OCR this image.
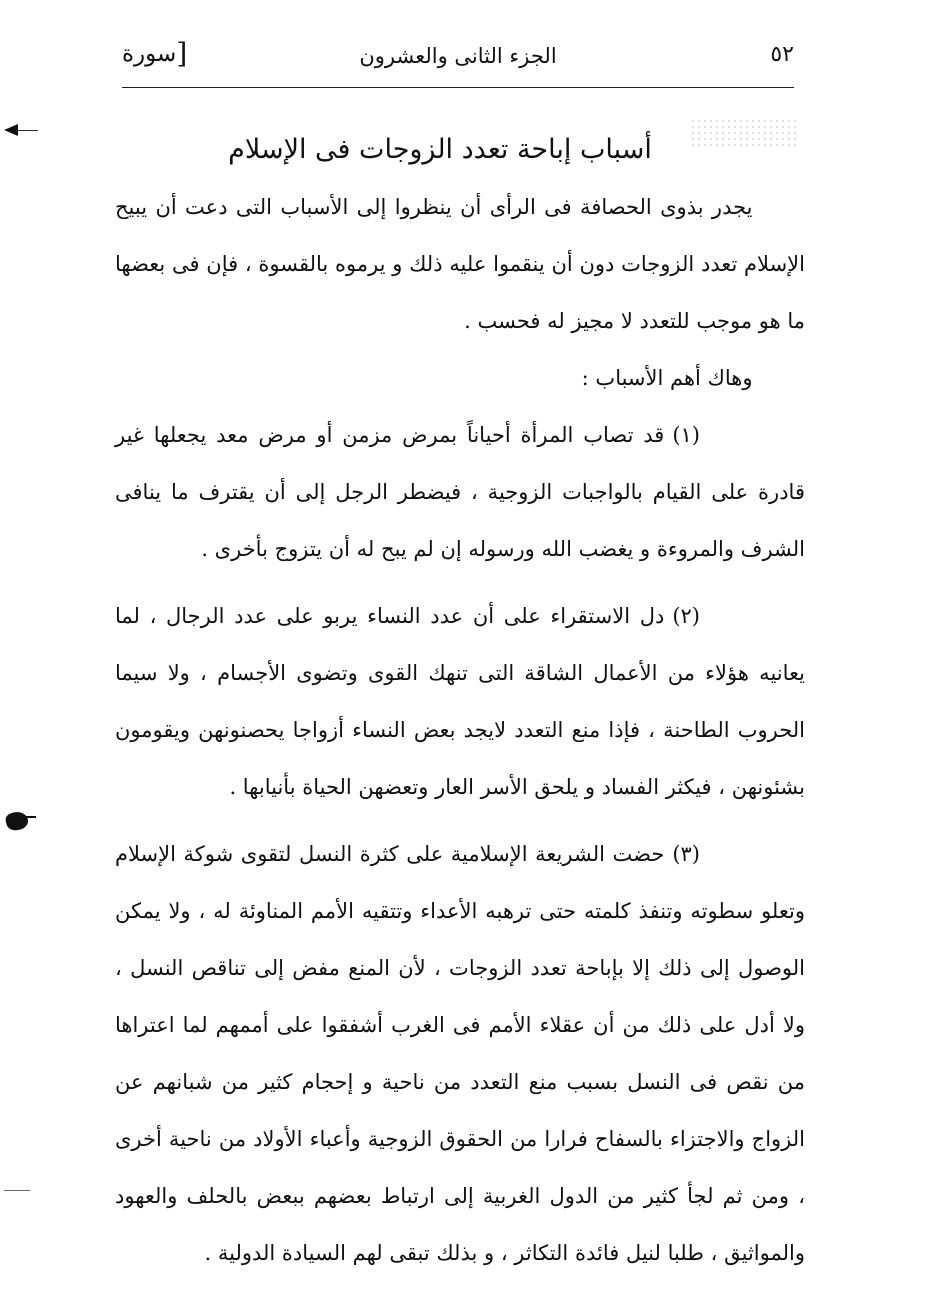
٥٢
الجزء الثانى والعشرون
[سورة
أسباب إباحة تعدد الزوجات فى الإسلام

يجدر بذوى الحصافة فى الرأى أن ينظروا إلى الأسباب التى دعت أن يبيح الإسلام تعدد الزوجات دون أن ينقموا عليه ذلك و يرموه بالقسوة ، فإن فى بعضها ما هو موجب للتعدد لا مجيز له فحسب .

وهاك أهم الأسباب :

(١)قد تصاب المرأة أحياناً بمرض مزمن أو مرض معد يجعلها غير قادرة على القيام بالواجبات الزوجية ، فيضطر الرجل إلى أن يقترف ما ينافى الشرف والمروءة و يغضب الله ورسوله إن لم يبح له أن يتزوج بأخرى .

(٢)دل الاستقراء على أن عدد النساء يربو على عدد الرجال ، لما يعانيه هؤلاء من الأعمال الشاقة التى تنهك القوى وتضوى الأجسام ، ولا سيما الحروب الطاحنة ، فإذا منع التعدد لايجد بعض النساء أزواجا يحصنونهن ويقومون بشئونهن ، فيكثر الفساد و يلحق الأسر العار وتعضهن الحياة بأنيابها .

(٣)حضت الشريعة الإسلامية على كثرة النسل لتقوى شوكة الإسلام وتعلو سطوته وتنفذ كلمته حتى ترهبه الأعداء وتتقيه الأمم المناوئة له ، ولا يمكن الوصول إلى ذلك إلا بإباحة تعدد الزوجات ، لأن المنع مفض إلى تناقص النسل ، ولا أدل على ذلك من أن عقلاء الأمم فى الغرب أشفقوا على أممهم لما اعتراها من نقص فى النسل بسبب منع التعدد من ناحية و إحجام كثير من شبانهم عن الزواج والاجتزاء بالسفاح فرارا من الحقوق الزوجية وأعباء الأولاد من ناحية أخرى ، ومن ثم لجأ كثير من الدول الغربية إلى ارتباط بعضهم ببعض بالحلف والعهود والمواثيق ، طلبا لنيل فائدة التكاثر ، و بذلك تبقى لهم السيادة الدولية .
